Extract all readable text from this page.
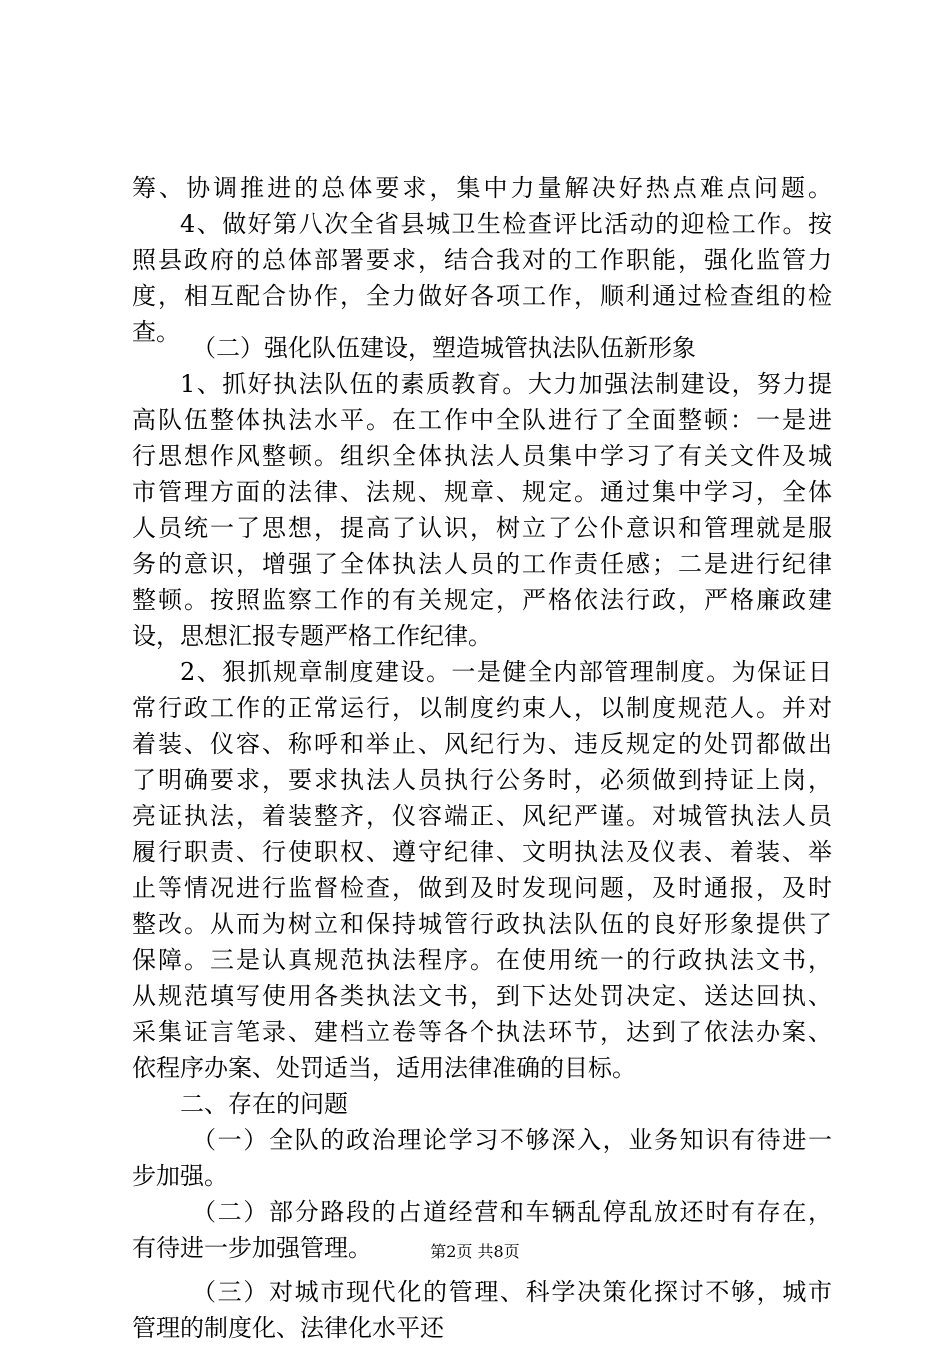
筹、协调推进的总体要求，集中力量解决好热点难点问题。
4、做好第八次全省县城卫生检查评比活动的迎检工作。按
照县政府的总体部署要求，结合我对的工作职能，强化监管力
度，相互配合协作，全力做好各项工作，顺利通过检查组的检
查。
（二）强化队伍建设，塑造城管执法队伍新形象
1、抓好执法队伍的素质教育。大力加强法制建设，努力提
高队伍整体执法水平。在工作中全队进行了全面整顿：一是进
行思想作风整顿。组织全体执法人员集中学习了有关文件及城
市管理方面的法律、法规、规章、规定。通过集中学习，全体
人员统一了思想，提高了认识，树立了公仆意识和管理就是服
务的意识，增强了全体执法人员的工作责任感；二是进行纪律
整顿。按照监察工作的有关规定，严格依法行政，严格廉政建
设，思想汇报专题严格工作纪律。
2、狠抓规章制度建设。一是健全内部管理制度。为保证日
常行政工作的正常运行，以制度约束人，以制度规范人。并对
着装、仪容、称呼和举止、风纪行为、违反规定的处罚都做出
了明确要求，要求执法人员执行公务时，必须做到持证上岗，
亮证执法，着装整齐，仪容端正、风纪严谨。对城管执法人员
履行职责、行使职权、遵守纪律、文明执法及仪表、着装、举
止等情况进行监督检查，做到及时发现问题，及时通报，及时
整改。从而为树立和保持城管行政执法队伍的良好形象提供了
保障。三是认真规范执法程序。在使用统一的行政执法文书，
从规范填写使用各类执法文书，到下达处罚决定、送达回执、
采集证言笔录、建档立卷等各个执法环节，达到了依法办案、
依程序办案、处罚适当，适用法律准确的目标。
二、存在的问题
（一）全队的政治理论学习不够深入，业务知识有待进一
步加强。
（二）部分路段的占道经营和车辆乱停乱放还时有存在，
有待进一步加强管理。
（三）对城市现代化的管理、科学决策化探讨不够，城市
管理的制度化、法律化水平还
第2页 共8页
